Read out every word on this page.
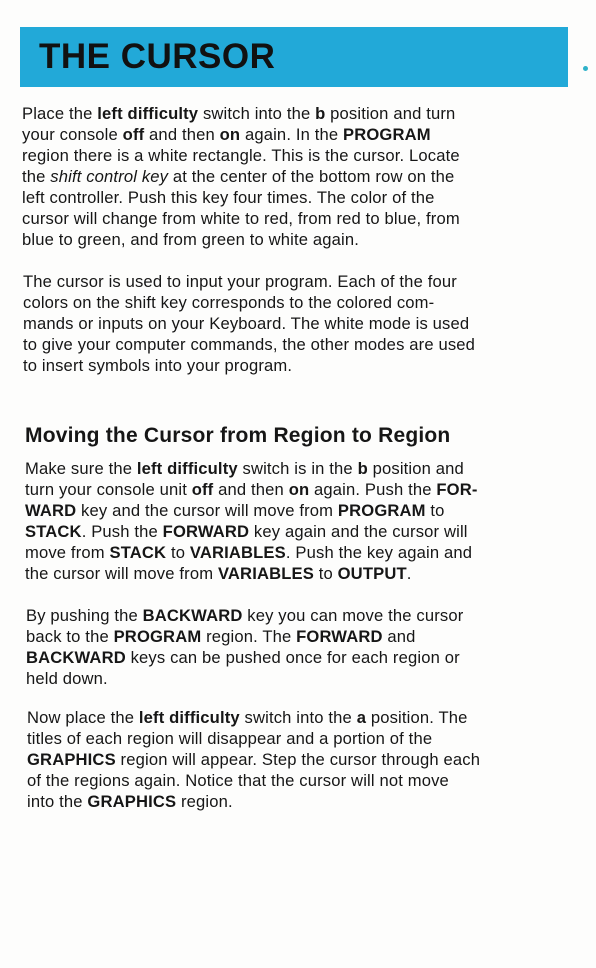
THE CURSOR

Place the left difficulty switch into the b position and turn
your console off and then on again. In the PROGRAM
region there is a white rectangle. This is the cursor. Locate
the shift control key at the center of the bottom row on the
left controller. Push this key four times. The color of the
cursor will change from white to red, from red to blue, from
blue to green, and from green to white again.

The cursor is used to input your program. Each of the four
colors on the shift key corresponds to the colored com-
mands or inputs on your Keyboard. The white mode is used
to give your computer commands, the other modes are used
to insert symbols into your program.

Moving the Cursor from Region to Region

Make sure the left difficulty switch is in the b position and
turn your console unit off and then on again. Push the FOR-
WARD key and the cursor will move from PROGRAM to
STACK. Push the FORWARD key again and the cursor will
move from STACK to VARIABLES. Push the key again and
the cursor will move from VARIABLES to OUTPUT.

By pushing the BACKWARD key you can move the cursor
back to the PROGRAM region. The FORWARD and
BACKWARD keys can be pushed once for each region or
held down.

Now place the left difficulty switch into the a position. The
titles of each region will disappear and a portion of the
GRAPHICS region will appear. Step the cursor through each
of the regions again. Notice that the cursor will not move
into the GRAPHICS region.
